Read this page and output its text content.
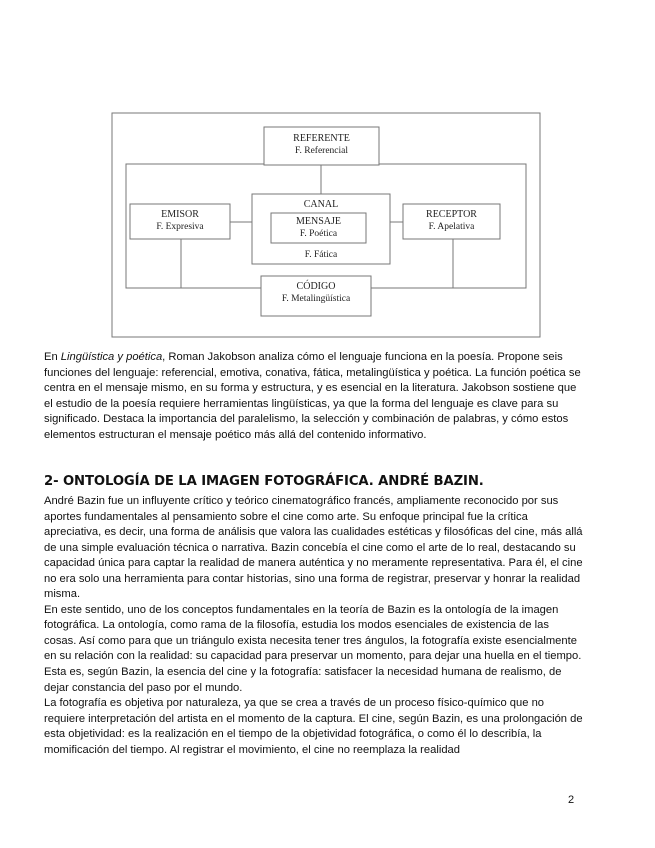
REFERENTE
F. Referencial
CANAL
MENSAJE
F. Poética
F. Fática
EMISOR
F. Expresiva
RECEPTOR
F. Apelativa
CÓDIGO
F. Metalingüística

En Lingüística y poética, Roman Jakobson analiza cómo el lenguaje funciona en la poesía. Propone seis funciones del lenguaje: referencial, emotiva, conativa, fática, metalingüística y poética. La función poética se centra en el mensaje mismo, en su forma y estructura, y es esencial en la literatura. Jakobson sostiene que el estudio de la poesía requiere herramientas lingüísticas, ya que la forma del lenguaje es clave para su significado. Destaca la importancia del paralelismo, la selección y combinación de palabras, y cómo estos elementos estructuran el mensaje poético más allá del contenido informativo.

2- ONTOLOGÍA DE LA IMAGEN FOTOGRÁFICA. ANDRÉ BAZIN.

André Bazin fue un influyente crítico y teórico cinematográfico francés, ampliamente reconocido por sus aportes fundamentales al pensamiento sobre el cine como arte. Su enfoque principal fue la crítica apreciativa, es decir, una forma de análisis que valora las cualidades estéticas y filosóficas del cine, más allá de una simple evaluación técnica o narrativa. Bazin concebía el cine como el arte de lo real, destacando su capacidad única para captar la realidad de manera auténtica y no meramente representativa. Para él, el cine no era solo una herramienta para contar historias, sino una forma de registrar, preservar y honrar la realidad misma.

En este sentido, uno de los conceptos fundamentales en la teoría de Bazin es la ontología de la imagen fotográfica. La ontología, como rama de la filosofía, estudia los modos esenciales de existencia de las cosas. Así como para que un triángulo exista necesita tener tres ángulos, la fotografía existe esencialmente en su relación con la realidad: su capacidad para preservar un momento, para dejar una huella en el tiempo. Esta es, según Bazin, la esencia del cine y la fotografía: satisfacer la necesidad humana de realismo, de dejar constancia del paso por el mundo.

La fotografía es objetiva por naturaleza, ya que se crea a través de un proceso físico-químico que no requiere interpretación del artista en el momento de la captura. El cine, según Bazin, es una prolongación de esta objetividad: es la realización en el tiempo de la objetividad fotográfica, o como él lo describía, la momificación del tiempo. Al registrar el movimiento, el cine no reemplaza la realidad

2
